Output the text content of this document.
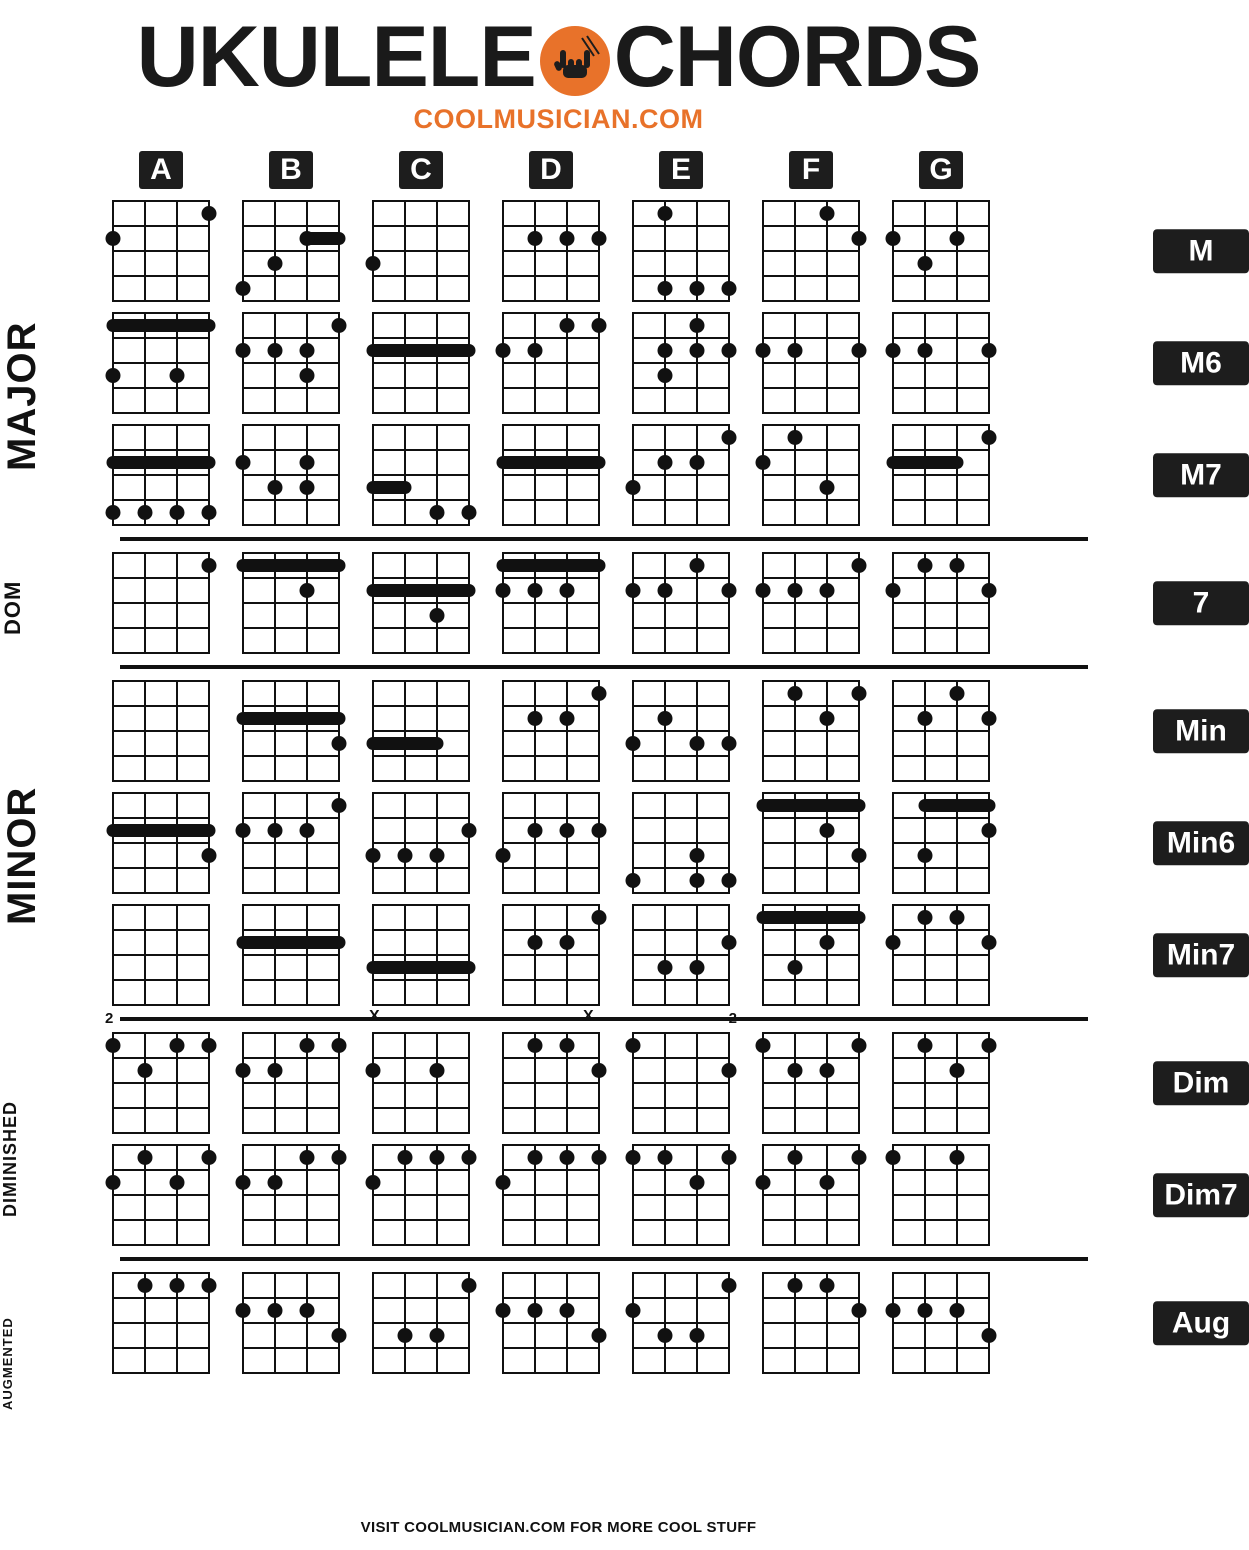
UKULELE CHORDS
COOLMUSICIAN.COM
A	B	C	D	E	F	G
M
M6
M7
7
Min
Min6
Min7
2	X	X	2
Dim
Dim7
Aug
MAJOR
DOM
MINOR
DIMINISHED
AUGMENTED
VISIT COOLMUSICIAN.COM FOR MORE COOL STUFF
